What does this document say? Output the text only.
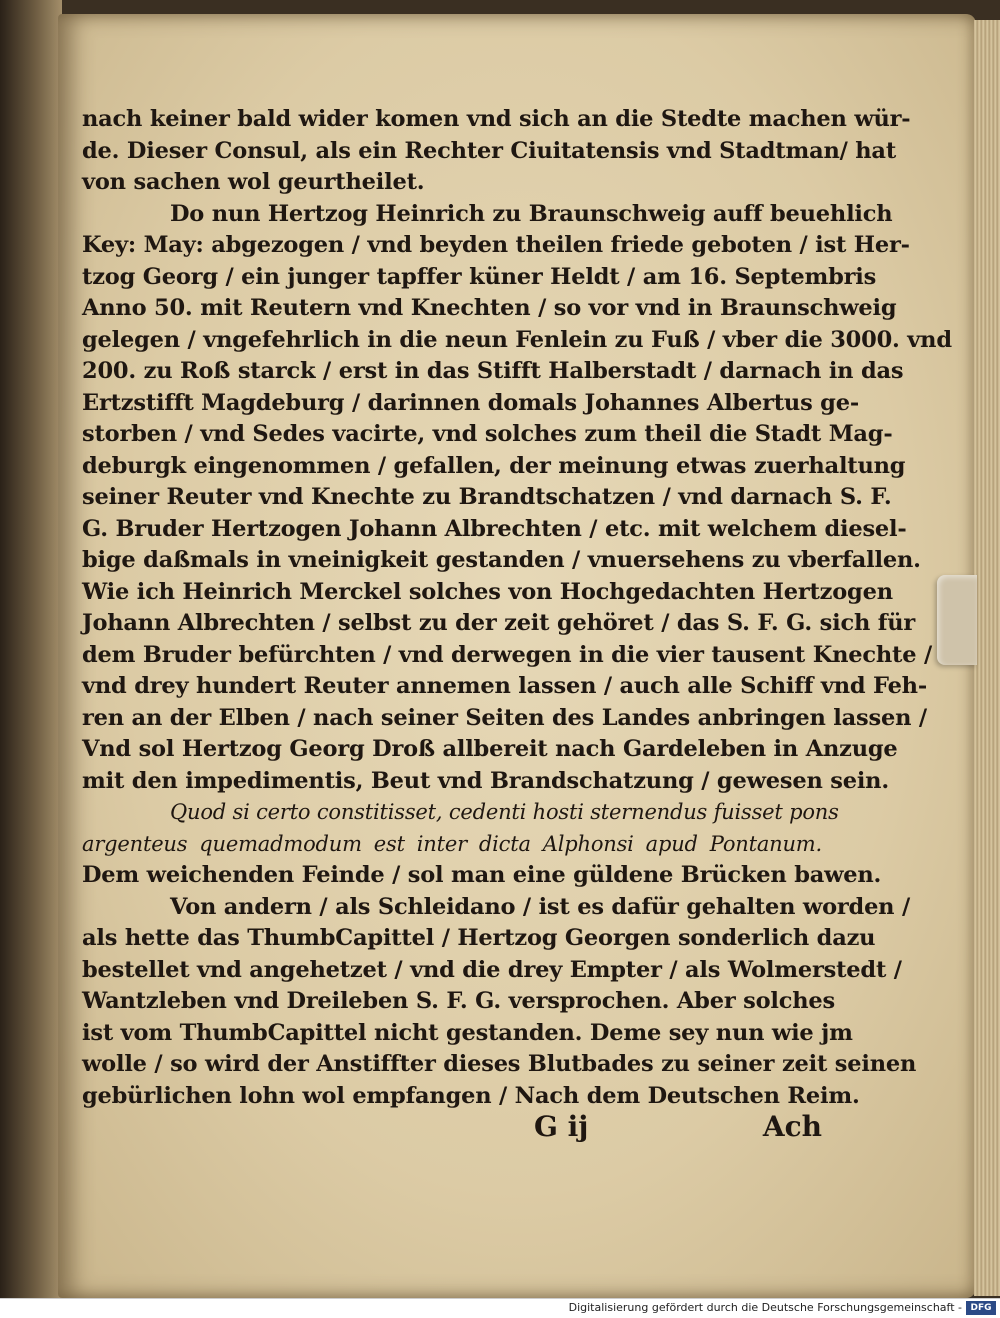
nach keiner bald wider komen vnd sich an die Stedte machen wür-
de. Dieser Consul, als ein Rechter Ciuitatensis vnd Stadtman/ hat
von sachen wol geurtheilet.
Do nun Hertzog Heinrich zu Braunschweig auff beuehlich
Key: May: abgezogen / vnd beyden theilen friede geboten / ist Her-
tzog Georg / ein junger tapffer küner Heldt / am 16. Septembris
Anno 50. mit Reutern vnd Knechten / so vor vnd in Braunschweig
gelegen / vngefehrlich in die neun Fenlein zu Fuß / vber die 3000. vnd
200. zu Roß starck / erst in das Stifft Halberstadt / darnach in das
Ertzstifft Magdeburg / darinnen domals Johannes Albertus ge-
storben / vnd Sedes vacirte, vnd solches zum theil die Stadt Mag-
deburgk eingenommen / gefallen, der meinung etwas zuerhaltung
seiner Reuter vnd Knechte zu Brandtschatzen / vnd darnach S. F.
G. Bruder Hertzogen Johann Albrechten / etc. mit welchem diesel-
bige daßmals in vneinigkeit gestanden / vnuersehens zu vberfallen.
Wie ich Heinrich Merckel solches von Hochgedachten Hertzogen
Johann Albrechten / selbst zu der zeit gehöret / das S. F. G. sich für
dem Bruder befürchten / vnd derwegen in die vier tausent Knechte /
vnd drey hundert Reuter annemen lassen / auch alle Schiff vnd Feh-
ren an der Elben / nach seiner Seiten des Landes anbringen lassen /
Vnd sol Hertzog Georg Droß allbereit nach Gardeleben in Anzuge
mit den impedimentis, Beut vnd Brandschatzung / gewesen sein.
Quod si certo constitisset, cedenti hosti sternendus fuisset pons
argenteus quemadmodum est inter dicta Alphonsi apud Pontanum.
Dem weichenden Feinde / sol man eine güldene Brücken bawen.
Von andern / als Schleidano / ist es dafür gehalten worden /
als hette das ThumbCapittel / Hertzog Georgen sonderlich dazu
bestellet vnd angehetzet / vnd die drey Empter / als Wolmerstedt /
Wantzleben vnd Dreileben S. F. G. versprochen. Aber solches
ist vom ThumbCapittel nicht gestanden. Deme sey nun wie jm
wolle / so wird der Anstiffter dieses Blutbades zu seiner zeit seinen
gebürlichen lohn wol empfangen / Nach dem Deutschen Reim.
G ij	Ach
Digitalisierung gefördert durch die Deutsche Forschungsgemeinschaft - DFG
